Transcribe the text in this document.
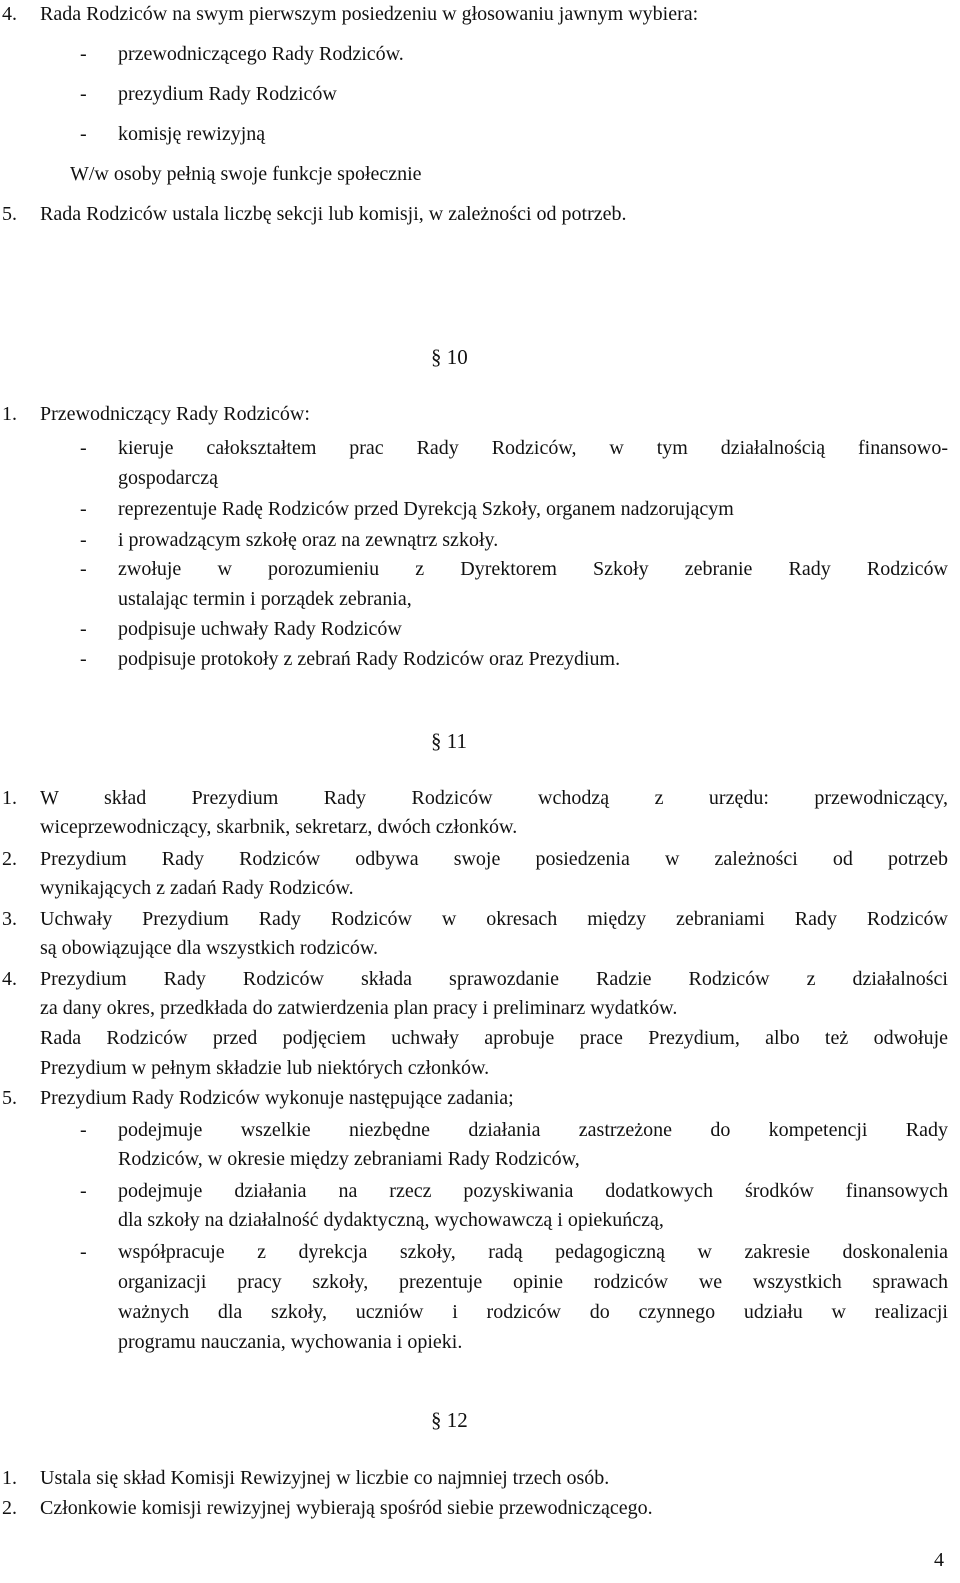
4. Rada Rodziców na swym pierwszym posiedzeniu w głosowaniu jawnym wybiera:
- przewodniczącego Rady Rodziców.
- prezydium Rady Rodziców
- komisję rewizyjną
W/w osoby pełnią swoje funkcje społecznie
5. Rada Rodziców ustala liczbę sekcji lub komisji, w zależności od potrzeb.
§ 10
1. Przewodniczący Rady Rodziców:
- kieruje całokształtem prac Rady Rodziców, w tym działalnością finansowo-
gospodarczą
- reprezentuje Radę Rodziców przed Dyrekcją Szkoły, organem nadzorującym
- i prowadzącym szkołę oraz na zewnątrz szkoły.
- zwołuje w porozumieniu z Dyrektorem Szkoły zebranie Rady Rodziców
ustalając termin i porządek zebrania,
- podpisuje uchwały Rady Rodziców
- podpisuje protokoły z zebrań Rady Rodziców oraz Prezydium.
§ 11
1. W skład Prezydium Rady Rodziców wchodzą z urzędu: przewodniczący,
wiceprzewodniczący, skarbnik, sekretarz, dwóch członków.
2. Prezydium Rady Rodziców odbywa swoje posiedzenia w zależności od potrzeb
wynikających z zadań Rady Rodziców.
3. Uchwały Prezydium Rady Rodziców w okresach między zebraniami Rady Rodziców
są obowiązujące dla wszystkich rodziców.
4. Prezydium Rady Rodziców składa sprawozdanie Radzie Rodziców z działalności
za dany okres, przedkłada do zatwierdzenia plan pracy i preliminarz wydatków.
Rada Rodziców przed podjęciem uchwały aprobuje prace Prezydium, albo też odwołuje
Prezydium w pełnym składzie lub niektórych członków.
5. Prezydium Rady Rodziców wykonuje następujące zadania;
- podejmuje wszelkie niezbędne działania zastrzeżone do kompetencji Rady
Rodziców, w okresie między zebraniami Rady Rodziców,
- podejmuje działania na rzecz pozyskiwania dodatkowych środków finansowych
dla szkoły na działalność dydaktyczną, wychowawczą i opiekuńczą,
- współpracuje z dyrekcja szkoły, radą pedagogiczną w zakresie doskonalenia
organizacji pracy szkoły, prezentuje opinie rodziców we wszystkich sprawach
ważnych dla szkoły, uczniów i rodziców do czynnego udziału w realizacji
programu nauczania, wychowania i opieki.
§ 12
1. Ustala się skład Komisji Rewizyjnej w liczbie co najmniej trzech osób.
2. Członkowie komisji rewizyjnej wybierają spośród siebie przewodniczącego.
4
